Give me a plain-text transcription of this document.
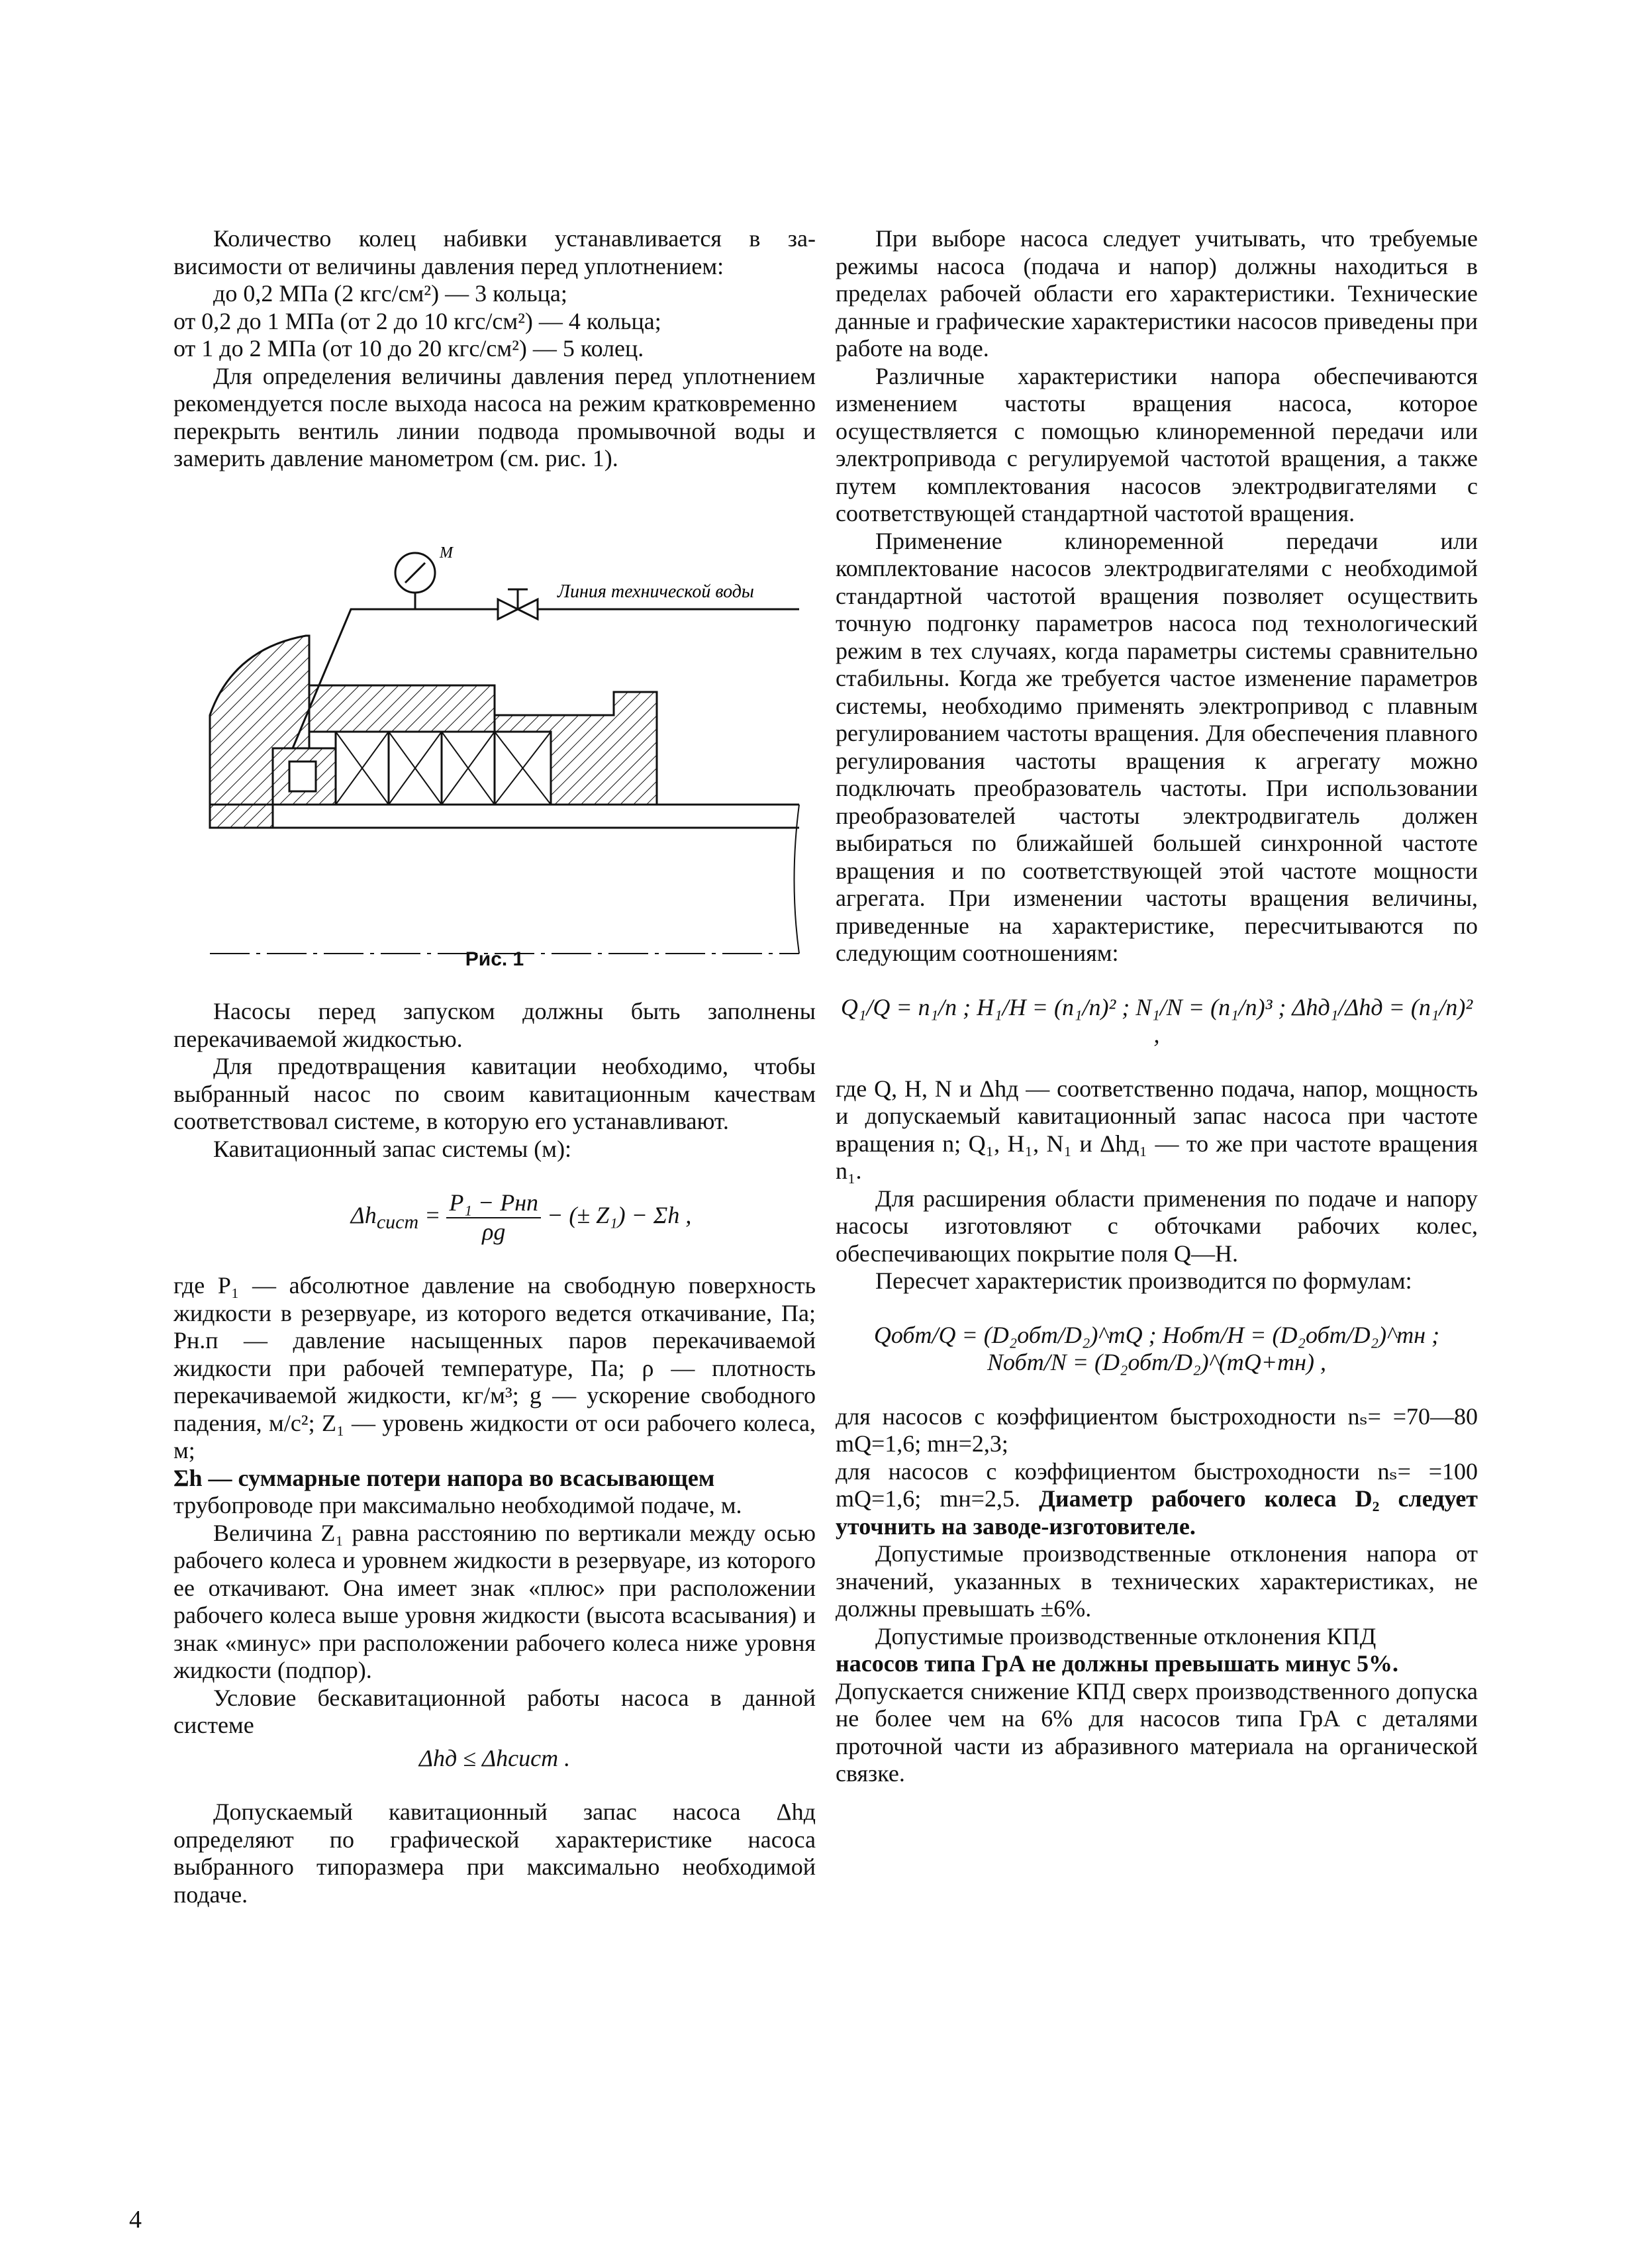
Количество колец набивки устанавливается в за-

висимости от величины давления перед уплотнением:

до 0,2 МПа (2 кгс/см²) — 3 кольца;

от 0,2 до 1 МПа (от 2 до 10 кгс/см²) — 4 кольца;

от 1 до 2 МПа (от 10 до 20 кгс/см²) — 5 колец.

Для определения величины давления перед уплотнением рекомендуется после выхода насоса на режим кратковременно перекрыть вентиль линии подвода промывочной воды и замерить давление манометром (см. рис. 1).

М
Линия технической воды
Рис. 1

Насосы перед запуском должны быть заполнены перекачиваемой жидкостью.

Для предотвращения кавитации необходимо, чтобы выбранный насос по своим кавитационным качествам соответствовал системе, в которую его устанавливают.

Кавитационный запас системы (м):

$\Delta h_{сист} = \frac{\text{P₁ − Pнп}}{\rho g}$ − (± Z₁) − Σh ,

где P₁ — абсолютное давление на свободную поверхность жидкости в резервуаре, из которого ведется откачивание, Па; Pн.п — давление насыщенных паров перекачиваемой жидкости при рабочей температуре, Па; ρ — плотность перекачиваемой жидкости, кг/м³; g — ускорение свободного падения, м/с²; Z₁ — уровень жидкости от оси рабочего колеса, м;

Σh — суммарные потери напора во всасывающем

трубопроводе при максимально необходимой подаче, м.

Величина Z₁ равна расстоянию по вертикали между осью рабочего колеса и уровнем жидкости в резервуаре, из которого ее откачивают. Она имеет знак «плюс» при расположении рабочего колеса выше уровня жидкости (высота всасывания) и знак «минус» при расположении рабочего колеса ниже уровня жидкости (подпор).

Условие бескавитационной работы насоса в данной системе

Δhд ≤ Δhсист .

Допускаемый кавитационный запас насоса Δhд определяют по графической характеристике насоса выбранного типоразмера при максимально необходимой подаче.

При выборе насоса следует учитывать, что требуемые режимы насоса (подача и напор) должны находиться в пределах рабочей области его характеристики. Технические данные и графические характеристики насосов приведены при работе на воде.

Различные характеристики напора обеспечиваются изменением частоты вращения насоса, которое осуществляется с помощью клиноременной передачи или электропривода с регулируемой частотой вращения, а также путем комплектования насосов электродвигателями с соответствующей стандартной частотой вращения.

Применение клиноременной передачи или комплектование насосов электродвигателями с необходимой стандартной частотой вращения позволяет осуществить точную подгонку параметров насоса под технологический режим в тех случаях, когда параметры системы сравнительно стабильны. Когда же требуется частое изменение параметров системы, необходимо применять электропривод с плавным регулированием частоты вращения. Для обеспечения плавного регулирования частоты вращения к агрегату можно подключать преобразователь частоты. При использовании преобразователей частоты электродвигатель должен выбираться по ближайшей большей синхронной частоте вращения и по соответствующей этой частоте мощности агрегата. При изменении частоты вращения величины, приведенные на характеристике, пересчитываются по следующим соотношениям:

Q₁/Q = n₁/n ; H₁/H = (n₁/n)² ; N₁/N = (n₁/n)³ ; Δhд₁/Δhд = (n₁/n)² ,

где Q, H, N и Δhд — соответственно подача, напор, мощность и допускаемый кавитационный запас насоса при частоте вращения n; Q₁, H₁, N₁ и Δhд₁ — то же при частоте вращения n₁.

Для расширения области применения по подаче и напору насосы изготовляют с обточками рабочих колес, обеспечивающих покрытие поля Q—H.

Пересчет характеристик производится по формулам:

Qобт/Q = (D₂обт/D₂)^mQ ; Hобт/H = (D₂обт/D₂)^mн ; Nобт/N = (D₂обт/D₂)^(mQ+mн) ,

для насосов с коэффициентом быстроходности nₛ= =70—80 mQ=1,6; mн=2,3;

для насосов с коэффициентом быстроходности nₛ= =100 mQ=1,6; mн=2,5. Диаметр рабочего колеса D₂ следует уточнить на заводе-изготовителе.

Допустимые производственные отклонения напора от значений, указанных в технических характеристиках, не должны превышать ±6%.

Допустимые производственные отклонения КПД

насосов типа ГрА не должны превышать минус 5%.

Допускается снижение КПД сверх производственного допуска не более чем на 6% для насосов типа ГрА с деталями проточной части из абразивного материала на органической связке.

4
